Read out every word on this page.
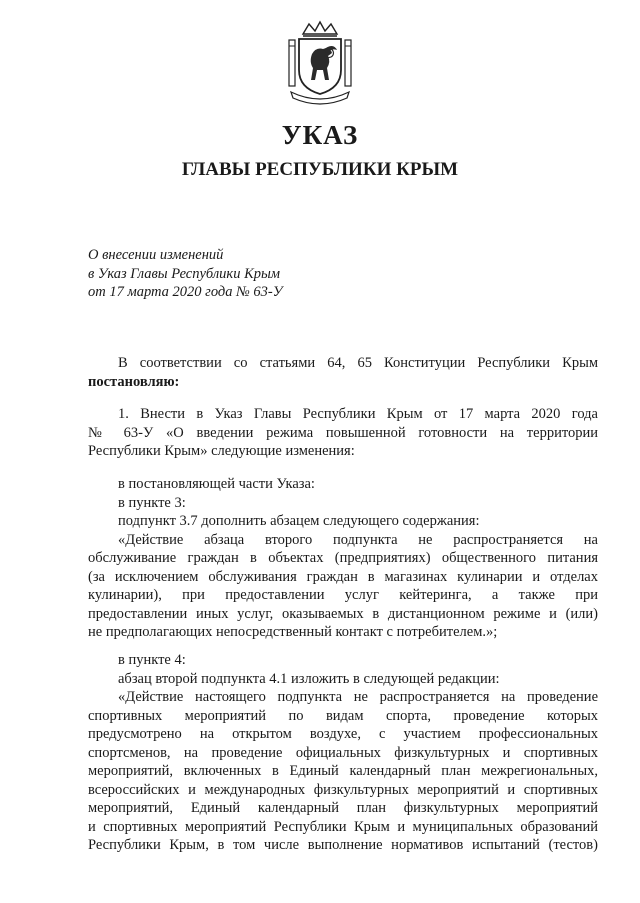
УКАЗ
ГЛАВЫ РЕСПУБЛИКИ КРЫМ
О внесении изменений
в Указ Главы Республики Крым
от 17 марта 2020 года № 63-У
В соответствии со статьями 64, 65 Конституции Республики Крым
постановляю:
1. Внести в Указ Главы Республики Крым от 17 марта 2020 года
№ 63-У «О введении режима повышенной готовности на территории
Республики Крым» следующие изменения:
в постановляющей части Указа:
в пункте 3:
подпункт 3.7 дополнить абзацем следующего содержания:
«Действие абзаца второго подпункта не распространяется на
обслуживание граждан в объектах (предприятиях) общественного питания
(за исключением обслуживания граждан в магазинах кулинарии и отделах
кулинарии), при предоставлении услуг кейтеринга, а также при
предоставлении иных услуг, оказываемых в дистанционном режиме и (или)
не предполагающих непосредственный контакт с потребителем.»;
в пункте 4:
абзац второй подпункта 4.1 изложить в следующей редакции:
«Действие настоящего подпункта не распространяется на проведение
спортивных мероприятий по видам спорта, проведение которых
предусмотрено на открытом воздухе, с участием профессиональных
спортсменов, на проведение официальных физкультурных и спортивных
мероприятий, включенных в Единый календарный план межрегиональных,
всероссийских и международных физкультурных мероприятий и спортивных
мероприятий, Единый календарный план физкультурных мероприятий
и спортивных мероприятий Республики Крым и муниципальных образований
Республики Крым, в том числе выполнение нормативов испытаний (тестов)
